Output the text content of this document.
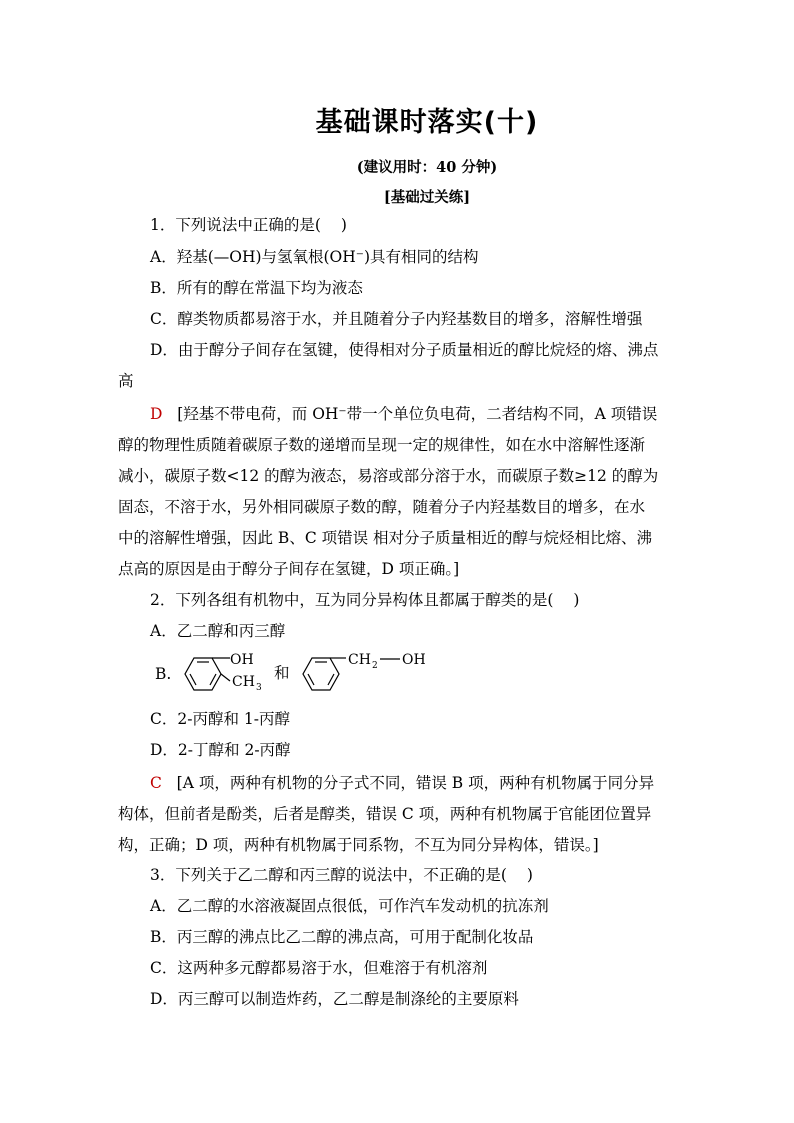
基础课时落实(十)
(建议用时：40 分钟)
[基础过关练]
1．下列说法中正确的是( )
A．羟基(—OH)与氢氧根(OH⁻)具有相同的结构
B．所有的醇在常温下均为液态
C．醇类物质都易溶于水，并且随着分子内羟基数目的增多，溶解性增强
D．由于醇分子间存在氢键，使得相对分子质量相近的醇比烷烃的熔、沸点
高
D [羟基不带电荷，而 OH⁻带一个单位负电荷，二者结构不同，A 项错误
醇的物理性质随着碳原子数的递增而呈现一定的规律性，如在水中溶解性逐渐
减小，碳原子数<12 的醇为液态，易溶或部分溶于水，而碳原子数≥12 的醇为
固态，不溶于水，另外相同碳原子数的醇，随着分子内羟基数目的增多，在水
中的溶解性增强，因此 B、C 项错误 相对分子质量相近的醇与烷烃相比熔、沸
点高的原因是由于醇分子间存在氢键，D 项正确。]
2．下列各组有机物中，互为同分异构体且都属于醇类的是( )
A．乙二醇和丙三醇
B.
OH
CH 3
和
CH 2 OH
C．2-丙醇和 1-丙醇
D．2-丁醇和 2-丙醇
C [A 项，两种有机物的分子式不同，错误 B 项，两种有机物属于同分异
构体，但前者是酚类，后者是醇类，错误 C 项，两种有机物属于官能团位置异
构，正确；D 项，两种有机物属于同系物，不互为同分异构体，错误。]
3．下列关于乙二醇和丙三醇的说法中，不正确的是( )
A．乙二醇的水溶液凝固点很低，可作汽车发动机的抗冻剂
B．丙三醇的沸点比乙二醇的沸点高，可用于配制化妆品
C．这两种多元醇都易溶于水，但难溶于有机溶剂
D．丙三醇可以制造炸药，乙二醇是制涤纶的主要原料
